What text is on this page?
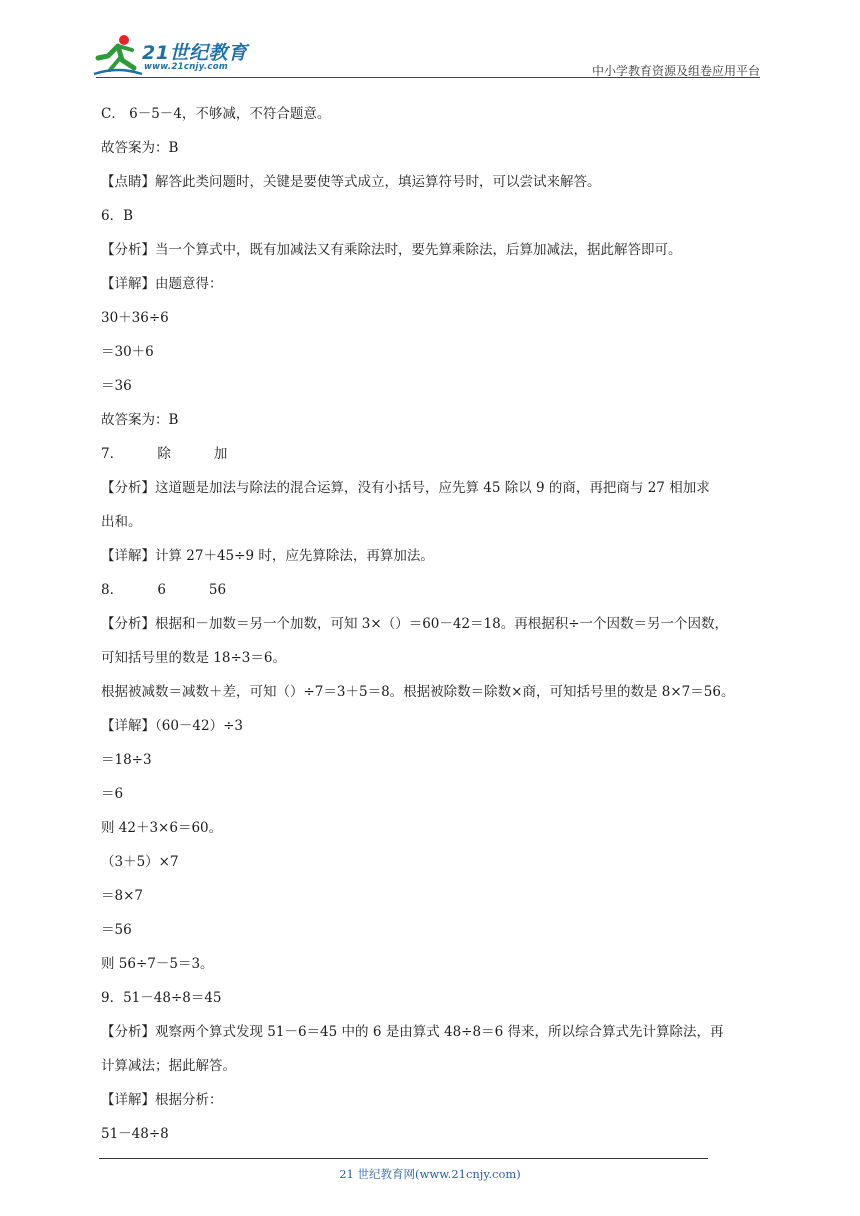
21世纪教育
www.21cnjy.com	中小学教育资源及组卷应用平台
C． 6－5－4，不够减，不符合题意。
故答案为：B
【点睛】解答此类问题时，关键是要使等式成立，填运算符号时，可以尝试来解答。
6．B
【分析】当一个算式中，既有加减法又有乘除法时，要先算乘除法，后算加减法，据此解答即可。
【详解】由题意得：
30＋36÷6
＝30＋6
＝36
故答案为：B
7．        除          加
【分析】这道题是加法与除法的混合运算，没有小括号，应先算 45 除以 9 的商，再把商与 27 相加求
出和。
【详解】计算 27＋45÷9 时，应先算除法，再算加法。
8．        6          56
【分析】根据和－加数＝另一个加数，可知 3×（）＝60－42＝18。再根据积÷一个因数＝另一个因数，
可知括号里的数是 18÷3＝6。
根据被减数＝减数＋差，可知（）÷7＝3＋5＝8。根据被除数＝除数×商，可知括号里的数是 8×7＝56。
【详解】（60－42）÷3
＝18÷3
＝6
则 42＋3×6＝60。
（3＋5）×7
＝8×7
＝56
则 56÷7－5＝3。
9．51－48÷8＝45
【分析】观察两个算式发现 51－6＝45 中的 6 是由算式 48÷8＝6 得来，所以综合算式先计算除法，再
计算减法；据此解答。
【详解】根据分析：
51－48÷8
21 世纪教育网(www.21cnjy.com)
